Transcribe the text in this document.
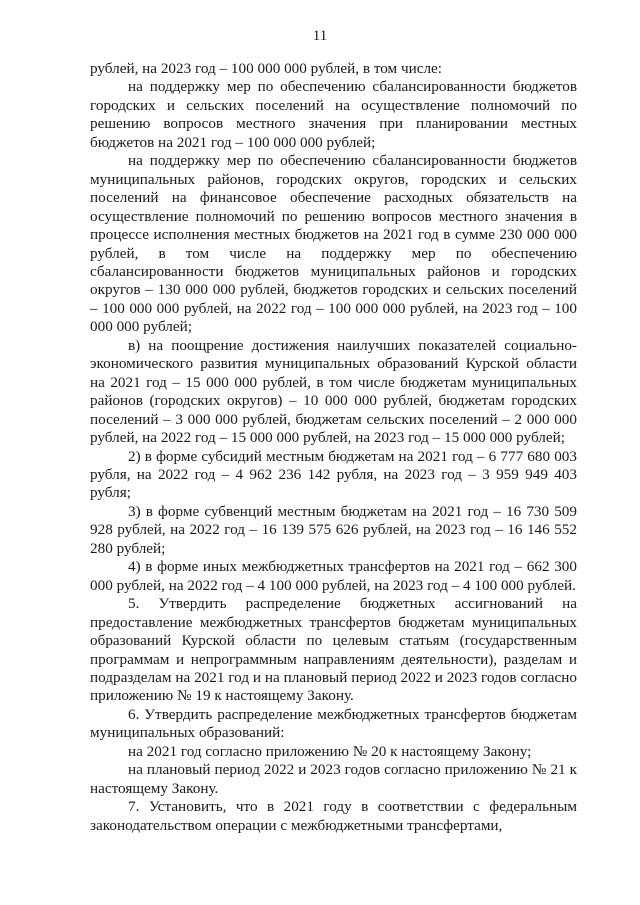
11

рублей, на 2023 год – 100 000 000 рублей, в том числе:

на поддержку мер по обеспечению сбалансированности бюджетов городских и сельских поселений на осуществление полномочий по решению вопросов местного значения при планировании местных бюджетов на 2021 год – 100 000 000 рублей;

на поддержку мер по обеспечению сбалансированности бюджетов муниципальных районов, городских округов, городских и сельских поселений на финансовое обеспечение расходных обязательств на осуществление полномочий по решению вопросов местного значения в процессе исполнения местных бюджетов на 2021 год в сумме 230 000 000 рублей, в том числе на поддержку мер по обеспечению сбалансированности бюджетов муниципальных районов и городских округов – 130 000 000 рублей, бюджетов городских и сельских поселений – 100 000 000 рублей, на 2022 год – 100 000 000 рублей, на 2023 год – 100 000 000 рублей;

в) на поощрение достижения наилучших показателей социально-экономического развития муниципальных образований Курской области на 2021 год – 15 000 000 рублей, в том числе бюджетам муниципальных районов (городских округов) – 10 000 000 рублей, бюджетам городских поселений – 3 000 000 рублей, бюджетам сельских поселений – 2 000 000 рублей, на 2022 год – 15 000 000 рублей, на 2023 год – 15 000 000 рублей;

2) в форме субсидий местным бюджетам на 2021 год – 6 777 680 003 рубля, на 2022 год – 4 962 236 142 рубля, на 2023 год – 3 959 949 403 рубля;

3) в форме субвенций местным бюджетам на 2021 год – 16 730 509 928 рублей, на 2022 год – 16 139 575 626 рублей, на 2023 год – 16 146 552 280 рублей;

4) в форме иных межбюджетных трансфертов на 2021 год – 662 300 000 рублей, на 2022 год – 4 100 000 рублей, на 2023 год – 4 100 000 рублей.

5. Утвердить распределение бюджетных ассигнований на предоставление межбюджетных трансфертов бюджетам муниципальных образований Курской области по целевым статьям (государственным программам и непрограммным направлениям деятельности), разделам и подразделам на 2021 год и на плановый период 2022 и 2023 годов согласно приложению № 19 к настоящему Закону.

6. Утвердить распределение межбюджетных трансфертов бюджетам муниципальных образований:

на 2021 год согласно приложению № 20 к настоящему Закону;

на плановый период 2022 и 2023 годов согласно приложению № 21 к настоящему Закону.

7. Установить, что в 2021 году в соответствии с федеральным законодательством операции с межбюджетными трансфертами,
